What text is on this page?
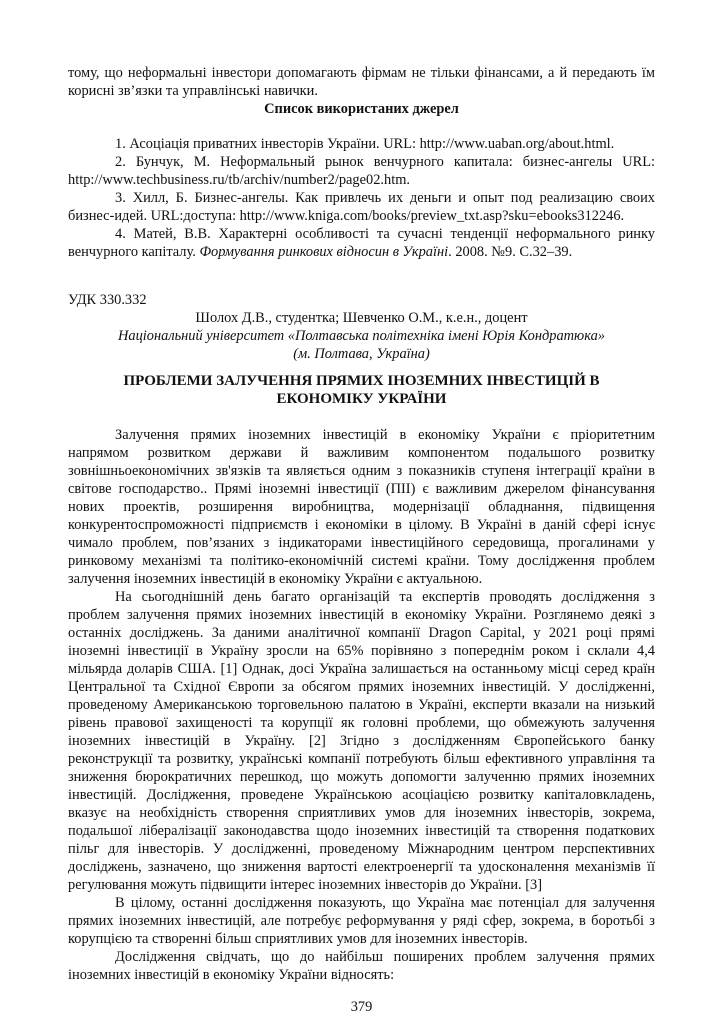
тому, що неформальні інвестори допомагають фірмам не тільки фінансами, а й передають їм
корисні зв’язки та управлінські навички.
Список використаних джерел
1. Асоціація приватних інвесторів України. URL: http://www.uaban.org/about.html.
2. Бунчук, М. Неформальный рынок венчурного капитала: бизнес-ангелы URL:
http://www.techbusiness.ru/tb/archiv/number2/page02.htm.
3. Хилл, Б. Бизнес-ангелы. Как привлечь их деньги и опыт под реализацию своих
бизнес-идей. URL:доступа: http://www.kniga.com/books/preview_txt.asp?sku=ebooks312246.
4. Матей, В.В. Характерні особливості та сучасні тенденції неформального ринку
венчурного капіталу. Формування ринкових відносин в Україні. 2008. №9. С.32–39.
УДК 330.332
Шолох Д.В., студентка; Шевченко О.М., к.е.н., доцент
Національний університет «Полтавська політехніка імені Юрія Кондратюка»
(м. Полтава, Україна)
ПРОБЛЕМИ ЗАЛУЧЕННЯ ПРЯМИХ ІНОЗЕМНИХ ІНВЕСТИЦІЙ В
ЕКОНОМІКУ УКРАЇНИ
Залучення прямих іноземних інвестицій в економіку України є пріоритетним
напрямом розвитком держави й важливим компонентом подальшого розвитку
зовнішньоекономічних зв'язків та являється одним з показників ступеня інтеграції країни в
світове господарство.. Прямі іноземні інвестиції (ПІІ) є важливим джерелом фінансування
нових проектів, розширення виробництва, модернізації обладнання, підвищення
конкурентоспроможності підприємств і економіки в цілому. В Україні в даній сфері існує
чимало проблем, пов’язаних з індикаторами інвестиційного середовища, прогалинами у
ринковому механізмі та політико-економічній системі країни. Тому дослідження проблем
залучення іноземних інвестицій в економіку України є актуальною.
На сьогоднішній день багато організацій та експертів проводять дослідження з
проблем залучення прямих іноземних інвестицій в економіку України. Розглянемо деякі з
останніх досліджень. За даними аналітичної компанії Dragon Capital, у 2021 році прямі
іноземні інвестиції в Україну зросли на 65% порівняно з попереднім роком і склали 4,4
мільярда доларів США. [1] Однак, досі Україна залишається на останньому місці серед країн
Центральної та Східної Європи за обсягом прямих іноземних інвестицій. У дослідженні,
проведеному Американською торговельною палатою в Україні, експерти вказали на низький
рівень правової захищеності та корупції як головні проблеми, що обмежують залучення
іноземних інвестицій в Україну. [2] Згідно з дослідженням Європейського банку
реконструкції та розвитку, українські компанії потребують більш ефективного управління та
зниження бюрократичних перешкод, що можуть допомогти залученню прямих іноземних
інвестицій. Дослідження, проведене Українською асоціацією розвитку капіталовкладень,
вказує на необхідність створення сприятливих умов для іноземних інвесторів, зокрема,
подальшої лібералізації законодавства щодо іноземних інвестицій та створення податкових
пільг для інвесторів. У дослідженні, проведеному Міжнародним центром перспективних
досліджень, зазначено, що зниження вартості електроенергії та удосконалення механізмів її
регулювання можуть підвищити інтерес іноземних інвесторів до України. [3]
В цілому, останні дослідження показують, що Україна має потенціал для залучення
прямих іноземних інвестицій, але потребує реформування у ряді сфер, зокрема, в боротьбі з
корупцією та створенні більш сприятливих умов для іноземних інвесторів.
Дослідження свідчать, що до найбільш поширених проблем залучення прямих
іноземних інвестицій в економіку України відносять:
379
